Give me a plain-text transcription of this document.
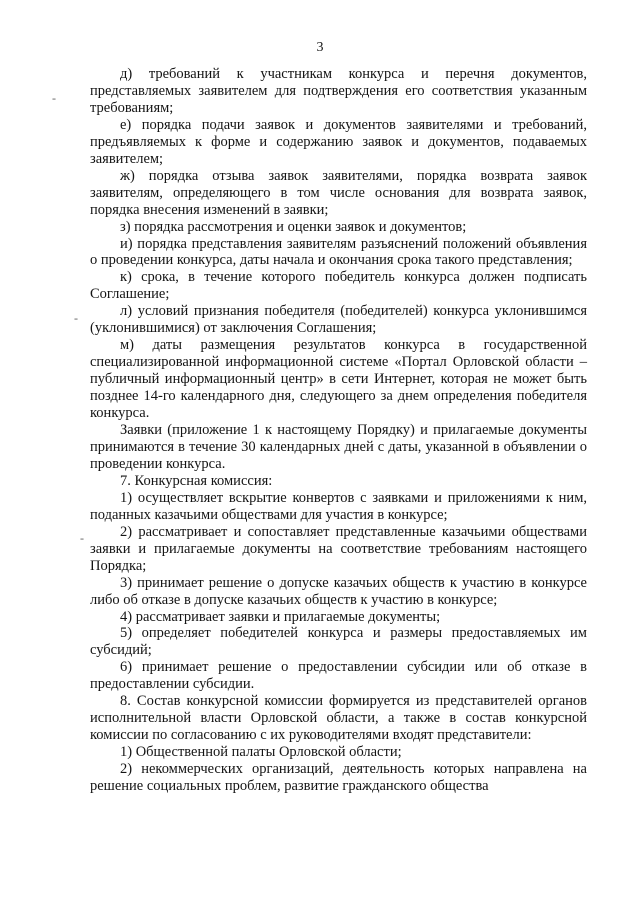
3
-
-
-

д) требований к участникам конкурса и перечня документов, представляемых заявителем для подтверждения его соответствия указанным требованиям;

е) порядка подачи заявок и документов заявителями и требований, предъявляемых к форме и содержанию заявок и документов, подаваемых заявителем;

ж) порядка отзыва заявок заявителями, порядка возврата заявок заявителям, определяющего в том числе основания для возврата заявок, порядка внесения изменений в заявки;

з) порядка рассмотрения и оценки заявок и документов;

и) порядка представления заявителям разъяснений положений объявления о проведении конкурса, даты начала и окончания срока такого представления;

к) срока, в течение которого победитель конкурса должен подписать Соглашение;

л) условий признания победителя (победителей) конкурса уклонившимся (уклонившимися) от заключения Соглашения;

м) даты размещения результатов конкурса в государственной специализированной информационной системе «Портал Орловской области – публичный информационный центр» в сети Интернет, которая не может быть позднее 14-го календарного дня, следующего за днем определения победителя конкурса.

Заявки (приложение 1 к настоящему Порядку) и прилагаемые документы принимаются в течение 30 календарных дней с даты, указанной в объявлении о проведении конкурса.

7. Конкурсная комиссия:

1) осуществляет вскрытие конвертов с заявками и приложениями к ним, поданных казачьими обществами для участия в конкурсе;

2) рассматривает и сопоставляет представленные казачьими обществами заявки и прилагаемые документы на соответствие требованиям настоящего Порядка;

3) принимает решение о допуске казачьих обществ к участию в конкурсе либо об отказе в допуске казачьих обществ к участию в конкурсе;

4) рассматривает заявки и прилагаемые документы;

5) определяет победителей конкурса и размеры предоставляемых им субсидий;

6) принимает решение о предоставлении субсидии или об отказе в предоставлении субсидии.

8. Состав конкурсной комиссии формируется из представителей органов исполнительной власти Орловской области, а также в состав конкурсной комиссии по согласованию с их руководителями входят представители:

1) Общественной палаты Орловской области;

2) некоммерческих организаций, деятельность которых направлена на решение социальных проблем, развитие гражданского общества
